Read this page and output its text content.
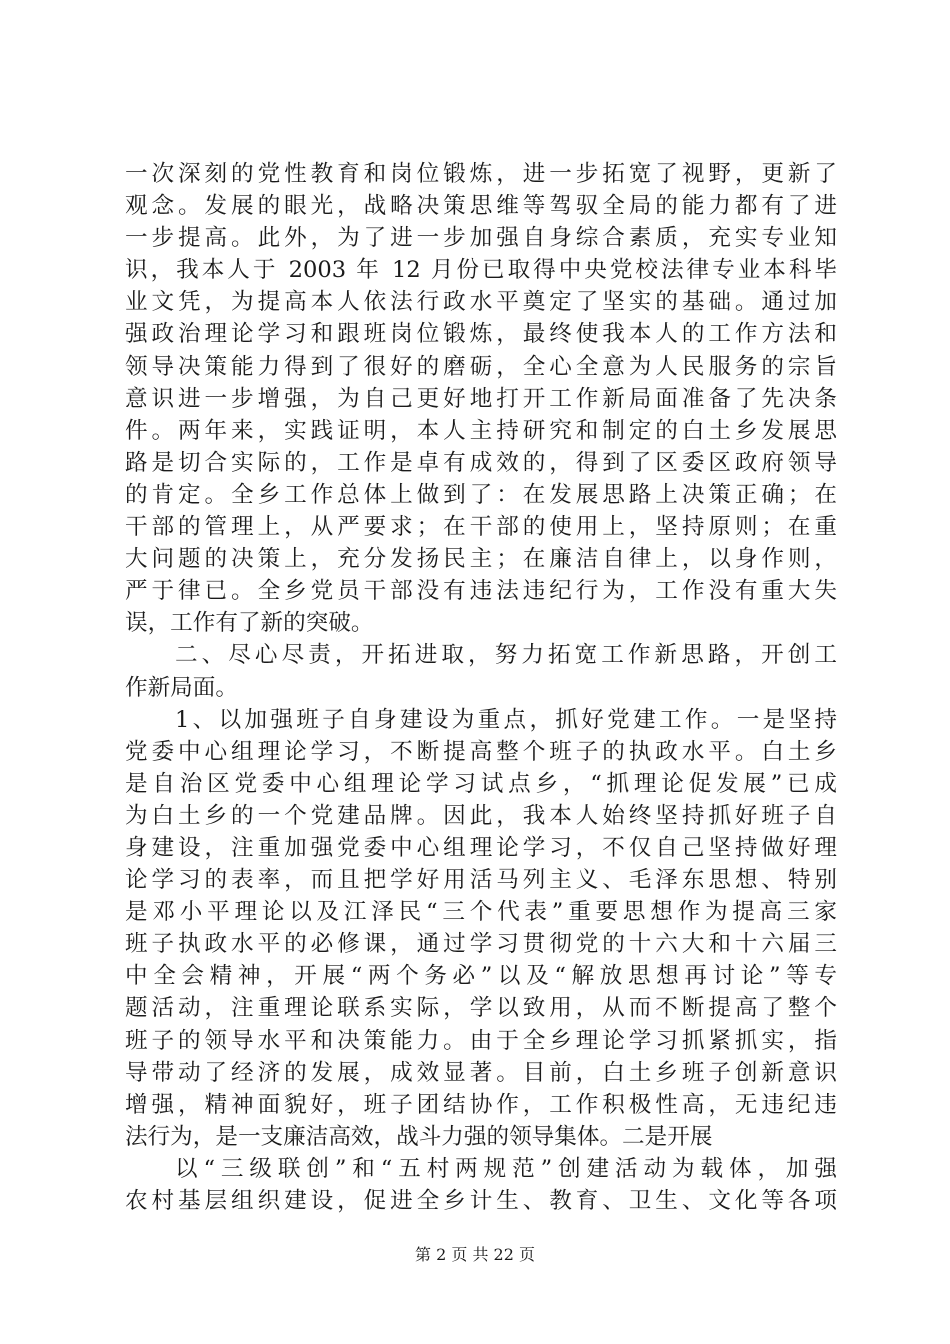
一次深刻的党性教育和岗位锻炼，进一步拓宽了视野，更新了
观念。发展的眼光，战略决策思维等驾驭全局的能力都有了进
一步提高。此外，为了进一步加强自身综合素质，充实专业知
识，我本人于 2003 年 12 月份已取得中央党校法律专业本科毕
业文凭，为提高本人依法行政水平奠定了坚实的基础。通过加
强政治理论学习和跟班岗位锻炼，最终使我本人的工作方法和
领导决策能力得到了很好的磨砺，全心全意为人民服务的宗旨
意识进一步增强，为自己更好地打开工作新局面准备了先决条
件。两年来，实践证明，本人主持研究和制定的白土乡发展思
路是切合实际的，工作是卓有成效的，得到了区委区政府领导
的肯定。全乡工作总体上做到了：在发展思路上决策正确；在
干部的管理上，从严要求；在干部的使用上，坚持原则；在重
大问题的决策上，充分发扬民主；在廉洁自律上，以身作则，
严于律已。全乡党员干部没有违法违纪行为，工作没有重大失
误，工作有了新的突破。
二、尽心尽责，开拓进取，努力拓宽工作新思路，开创工
作新局面。
1、以加强班子自身建设为重点，抓好党建工作。一是坚持
党委中心组理论学习，不断提高整个班子的执政水平。白土乡
是自治区党委中心组理论学习试点乡，“抓理论促发展”已成
为白土乡的一个党建品牌。因此，我本人始终坚持抓好班子自
身建设，注重加强党委中心组理论学习，不仅自己坚持做好理
论学习的表率，而且把学好用活马列主义、毛泽东思想、特别
是邓小平理论以及江泽民“三个代表”重要思想作为提高三家
班子执政水平的必修课，通过学习贯彻党的十六大和十六届三
中全会精神，开展“两个务必”以及“解放思想再讨论”等专
题活动，注重理论联系实际，学以致用，从而不断提高了整个
班子的领导水平和决策能力。由于全乡理论学习抓紧抓实，指
导带动了经济的发展，成效显著。目前，白土乡班子创新意识
增强，精神面貌好，班子团结协作，工作积极性高，无违纪违
法行为，是一支廉洁高效，战斗力强的领导集体。二是开展
以“三级联创”和“五村两规范”创建活动为载体，加强
农村基层组织建设，促进全乡计生、教育、卫生、文化等各项
第 2 页 共 22 页
